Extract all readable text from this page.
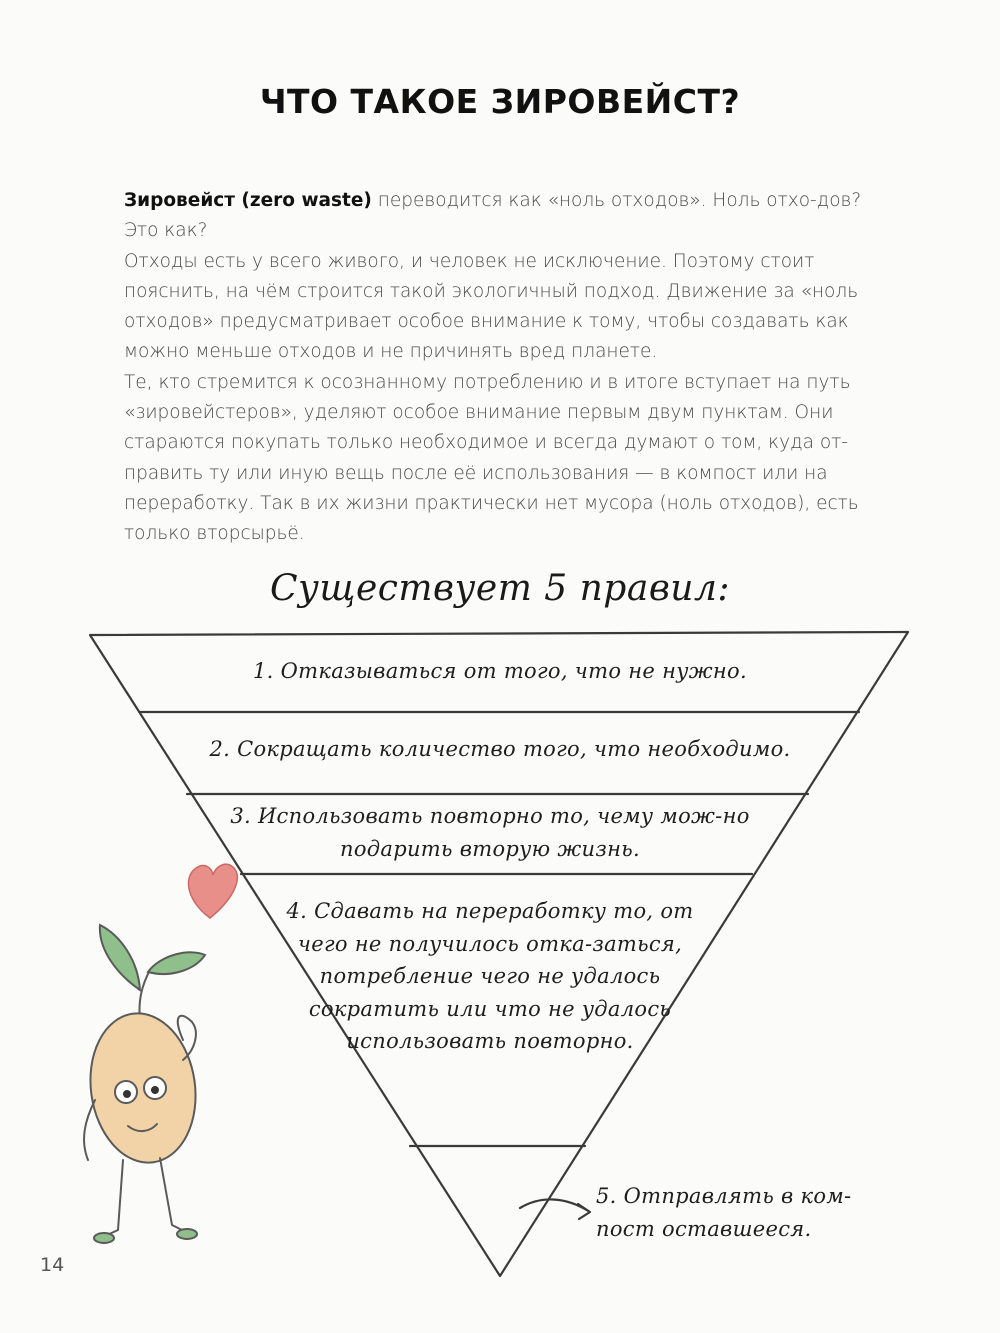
ЧТО ТАКОЕ ЗИРОВЕЙСТ?

Зировейст (zero waste) переводится как «ноль отходов». Ноль отхо-дов? Это как?

Отходы есть у всего живого, и человек не исключение. Поэтому стоит пояснить, на чём строится такой экологичный подход. Движение за «ноль отходов» предусматривает особое внимание к тому, чтобы создавать как можно меньше отходов и не причинять вред планете.

Те, кто стремится к осознанному потреблению и в итоге вступает на путь «зировейстеров», уделяют особое внимание первым двум пунктам. Они стараются покупать только необходимое и всегда думают о том, куда от-править ту или иную вещь после её использования — в компост или на переработку. Так в их жизни практически нет мусора (ноль отходов), есть только вторсырьё.

Существует 5 правил:
1. Отказываться от того, что не нужно.
2. Сокращать количество того, что необходимо.
3. Использовать повторно то, чему мож-но подарить вторую жизнь.
4. Сдавать на переработку то, от чего не получилось отка-заться, потребление чего не удалось сократить или что не удалось использовать повторно.
5. Отправлять в ком-пост оставшееся.
14
